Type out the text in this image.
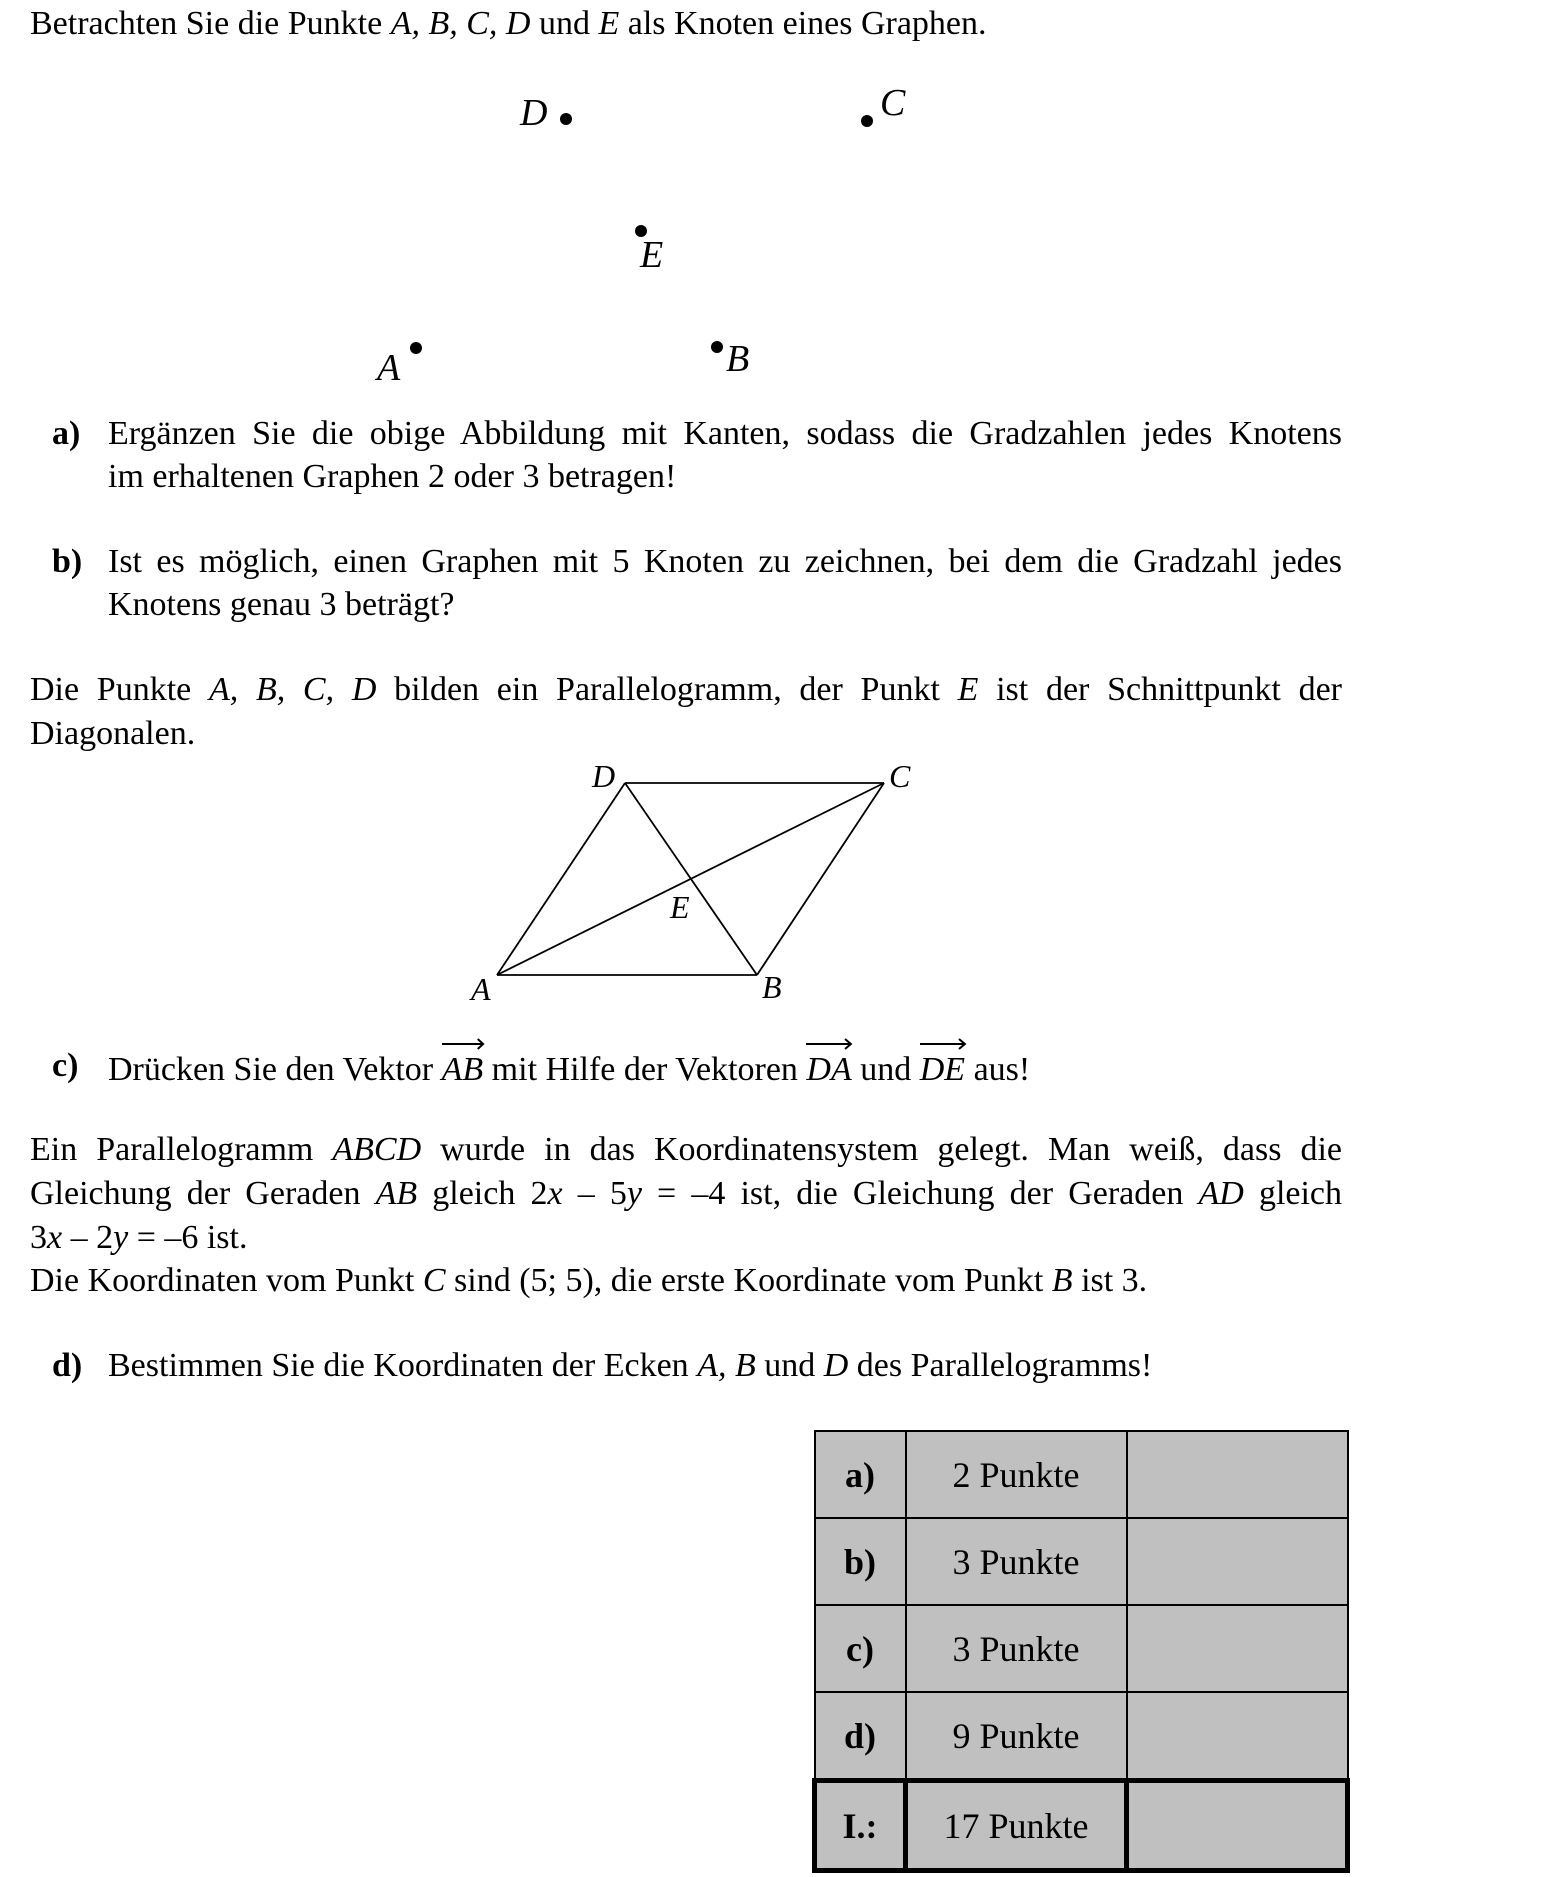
Betrachten Sie die Punkte A, B, C, D und E als Knoten eines Graphen.
D	C
E
A	B
a) Ergänzen Sie die obige Abbildung mit Kanten, sodass die Gradzahlen jedes Knotens
im erhaltenen Graphen 2 oder 3 betragen!
b) Ist es möglich, einen Graphen mit 5 Knoten zu zeichnen, bei dem die Gradzahl jedes
Knotens genau 3 beträgt?
Die Punkte A, B, C, D bilden ein Parallelogramm, der Punkt E ist der Schnittpunkt der
Diagonalen.
D	C
E
A	B
c) Drücken Sie den Vektor
AB mit Hilfe der Vektoren
DA und
DE aus!
Ein Parallelogramm ABCD wurde in das Koordinatensystem gelegt. Man weiß, dass die
Gleichung der Geraden AB gleich 2x – 5y = –4 ist, die Gleichung der Geraden AD gleich
3x – 2y = –6 ist.
Die Koordinaten vom Punkt C sind (5; 5), die erste Koordinate vom Punkt B ist 3.
d) Bestimmen Sie die Koordinaten der Ecken A, B und D des Parallelogramms!
a)	2 Punkte	
b)	3 Punkte	
c)	3 Punkte	
d)	9 Punkte	
I.:	17 Punkte	
